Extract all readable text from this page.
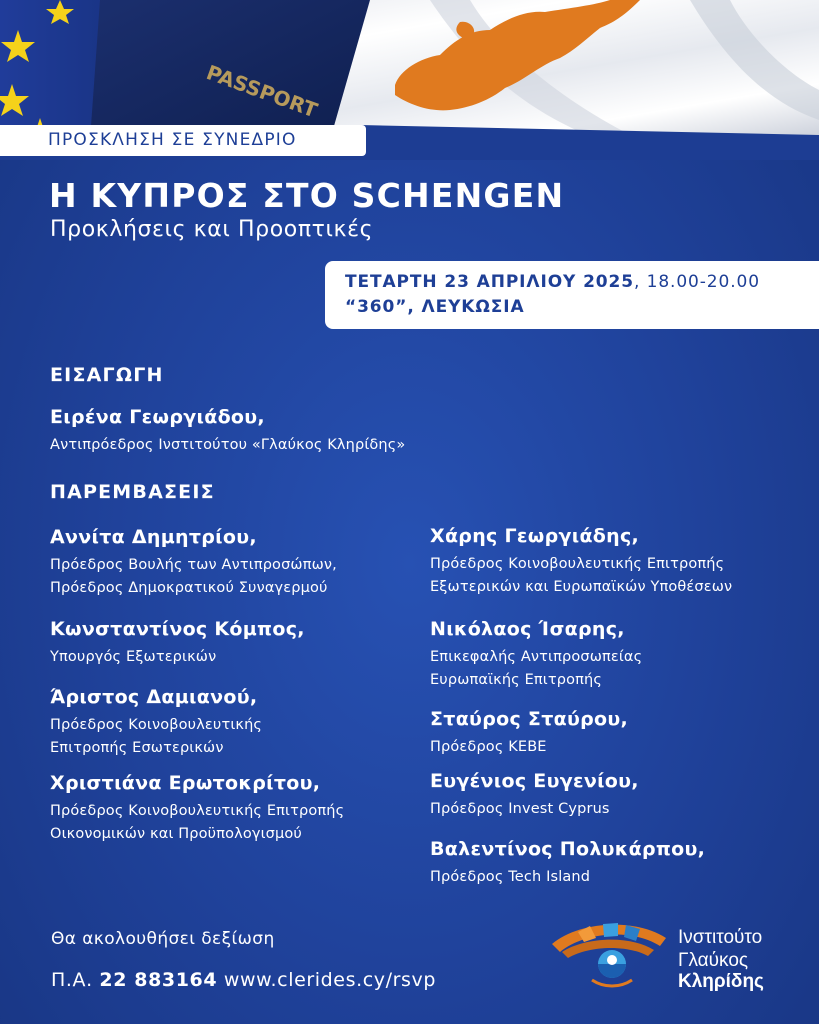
PASSPORT
ΠΡΟΣΚΛΗΣΗ ΣΕ ΣΥΝΕΔΡΙΟ
Η ΚΥΠΡΟΣ ΣΤΟ SCHENGEN
Προκλήσεις και Προοπτικές
ΤΕΤΑΡΤΗ 23 ΑΠΡΙΛΙΟΥ 2025, 18.00-20.00
“360”, ΛΕΥΚΩΣΙΑ
ΕΙΣΑΓΩΓΗ
Ειρένα Γεωργιάδου,
Αντιπρόεδρος Ινστιτούτου «Γλαύκος Κληρίδης»
ΠΑΡΕΜΒΑΣΕΙΣ
Αννίτα Δημητρίου,
Πρόεδρος Βουλής των Αντιπροσώπων,
Πρόεδρος Δημοκρατικού Συναγερμού
Κωνσταντίνος Κόμπος,
Υπουργός Εξωτερικών
Άριστος Δαμιανού,
Πρόεδρος Κοινοβουλευτικής
Επιτροπής Εσωτερικών
Χριστιάνα Ερωτοκρίτου,
Πρόεδρος Κοινοβουλευτικής Επιτροπής
Οικονομικών και Προϋπολογισμού
Χάρης Γεωργιάδης,
Πρόεδρος Κοινοβουλευτικής Επιτροπής
Εξωτερικών και Ευρωπαϊκών Υποθέσεων
Νικόλαος Ίσαρης,
Επικεφαλής Αντιπροσωπείας
Ευρωπαϊκής Επιτροπής
Σταύρος Σταύρου,
Πρόεδρος ΚΕΒΕ
Ευγένιος Ευγενίου,
Πρόεδρος Invest Cyprus
Βαλεντίνος Πολυκάρπου,
Πρόεδρος Tech Island
Θα ακολουθήσει δεξίωση
Π.Α. 22 883164 www.clerides.cy/rsvp
Ινστιτούτο
Γλαύκος
Κληρίδης
